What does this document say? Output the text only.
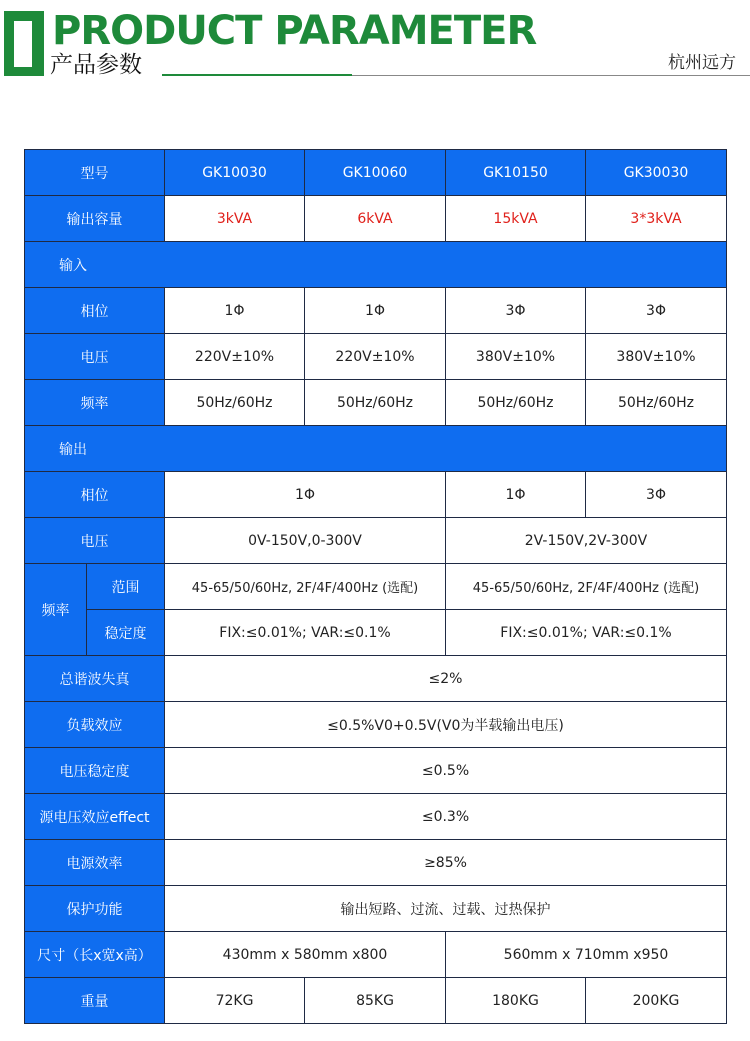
PRODUCT PARAMETER
产品参数	杭州远方
型号		GK10030	GK10060	GK10150	GK30030
输出容量		3kVA	6kVA	15kVA	3*3kVA
输入					
相位		1Φ	1Φ	3Φ	3Φ
电压		220V±10%	220V±10%	380V±10%	380V±10%
频率		50Hz/60Hz	50Hz/60Hz	50Hz/60Hz	50Hz/60Hz
输出					
相位		1Φ		1Φ	3Φ
电压		0V-150V,0-300V		2V-150V,2V-300V	
频率	范围	45-65/50/60Hz, 2F/4F/400Hz (选配)		45-65/50/60Hz, 2F/4F/400Hz (选配)	
	稳定度	FIX:≤0.01%; VAR:≤0.1%		FIX:≤0.01%; VAR:≤0.1%	
总谐波失真		≤2%			
负载效应		≤0.5%V0+0.5V(V0为半载输出电压)			
电压稳定度		≤0.5%			
源电压效应effect		≤0.3%			
电源效率		≥85%			
保护功能		输出短路、过流、过载、过热保护			
尺寸（长x宽x高）		430mm x 580mm x800		560mm x 710mm x950	
重量		72KG	85KG	180KG	200KG
